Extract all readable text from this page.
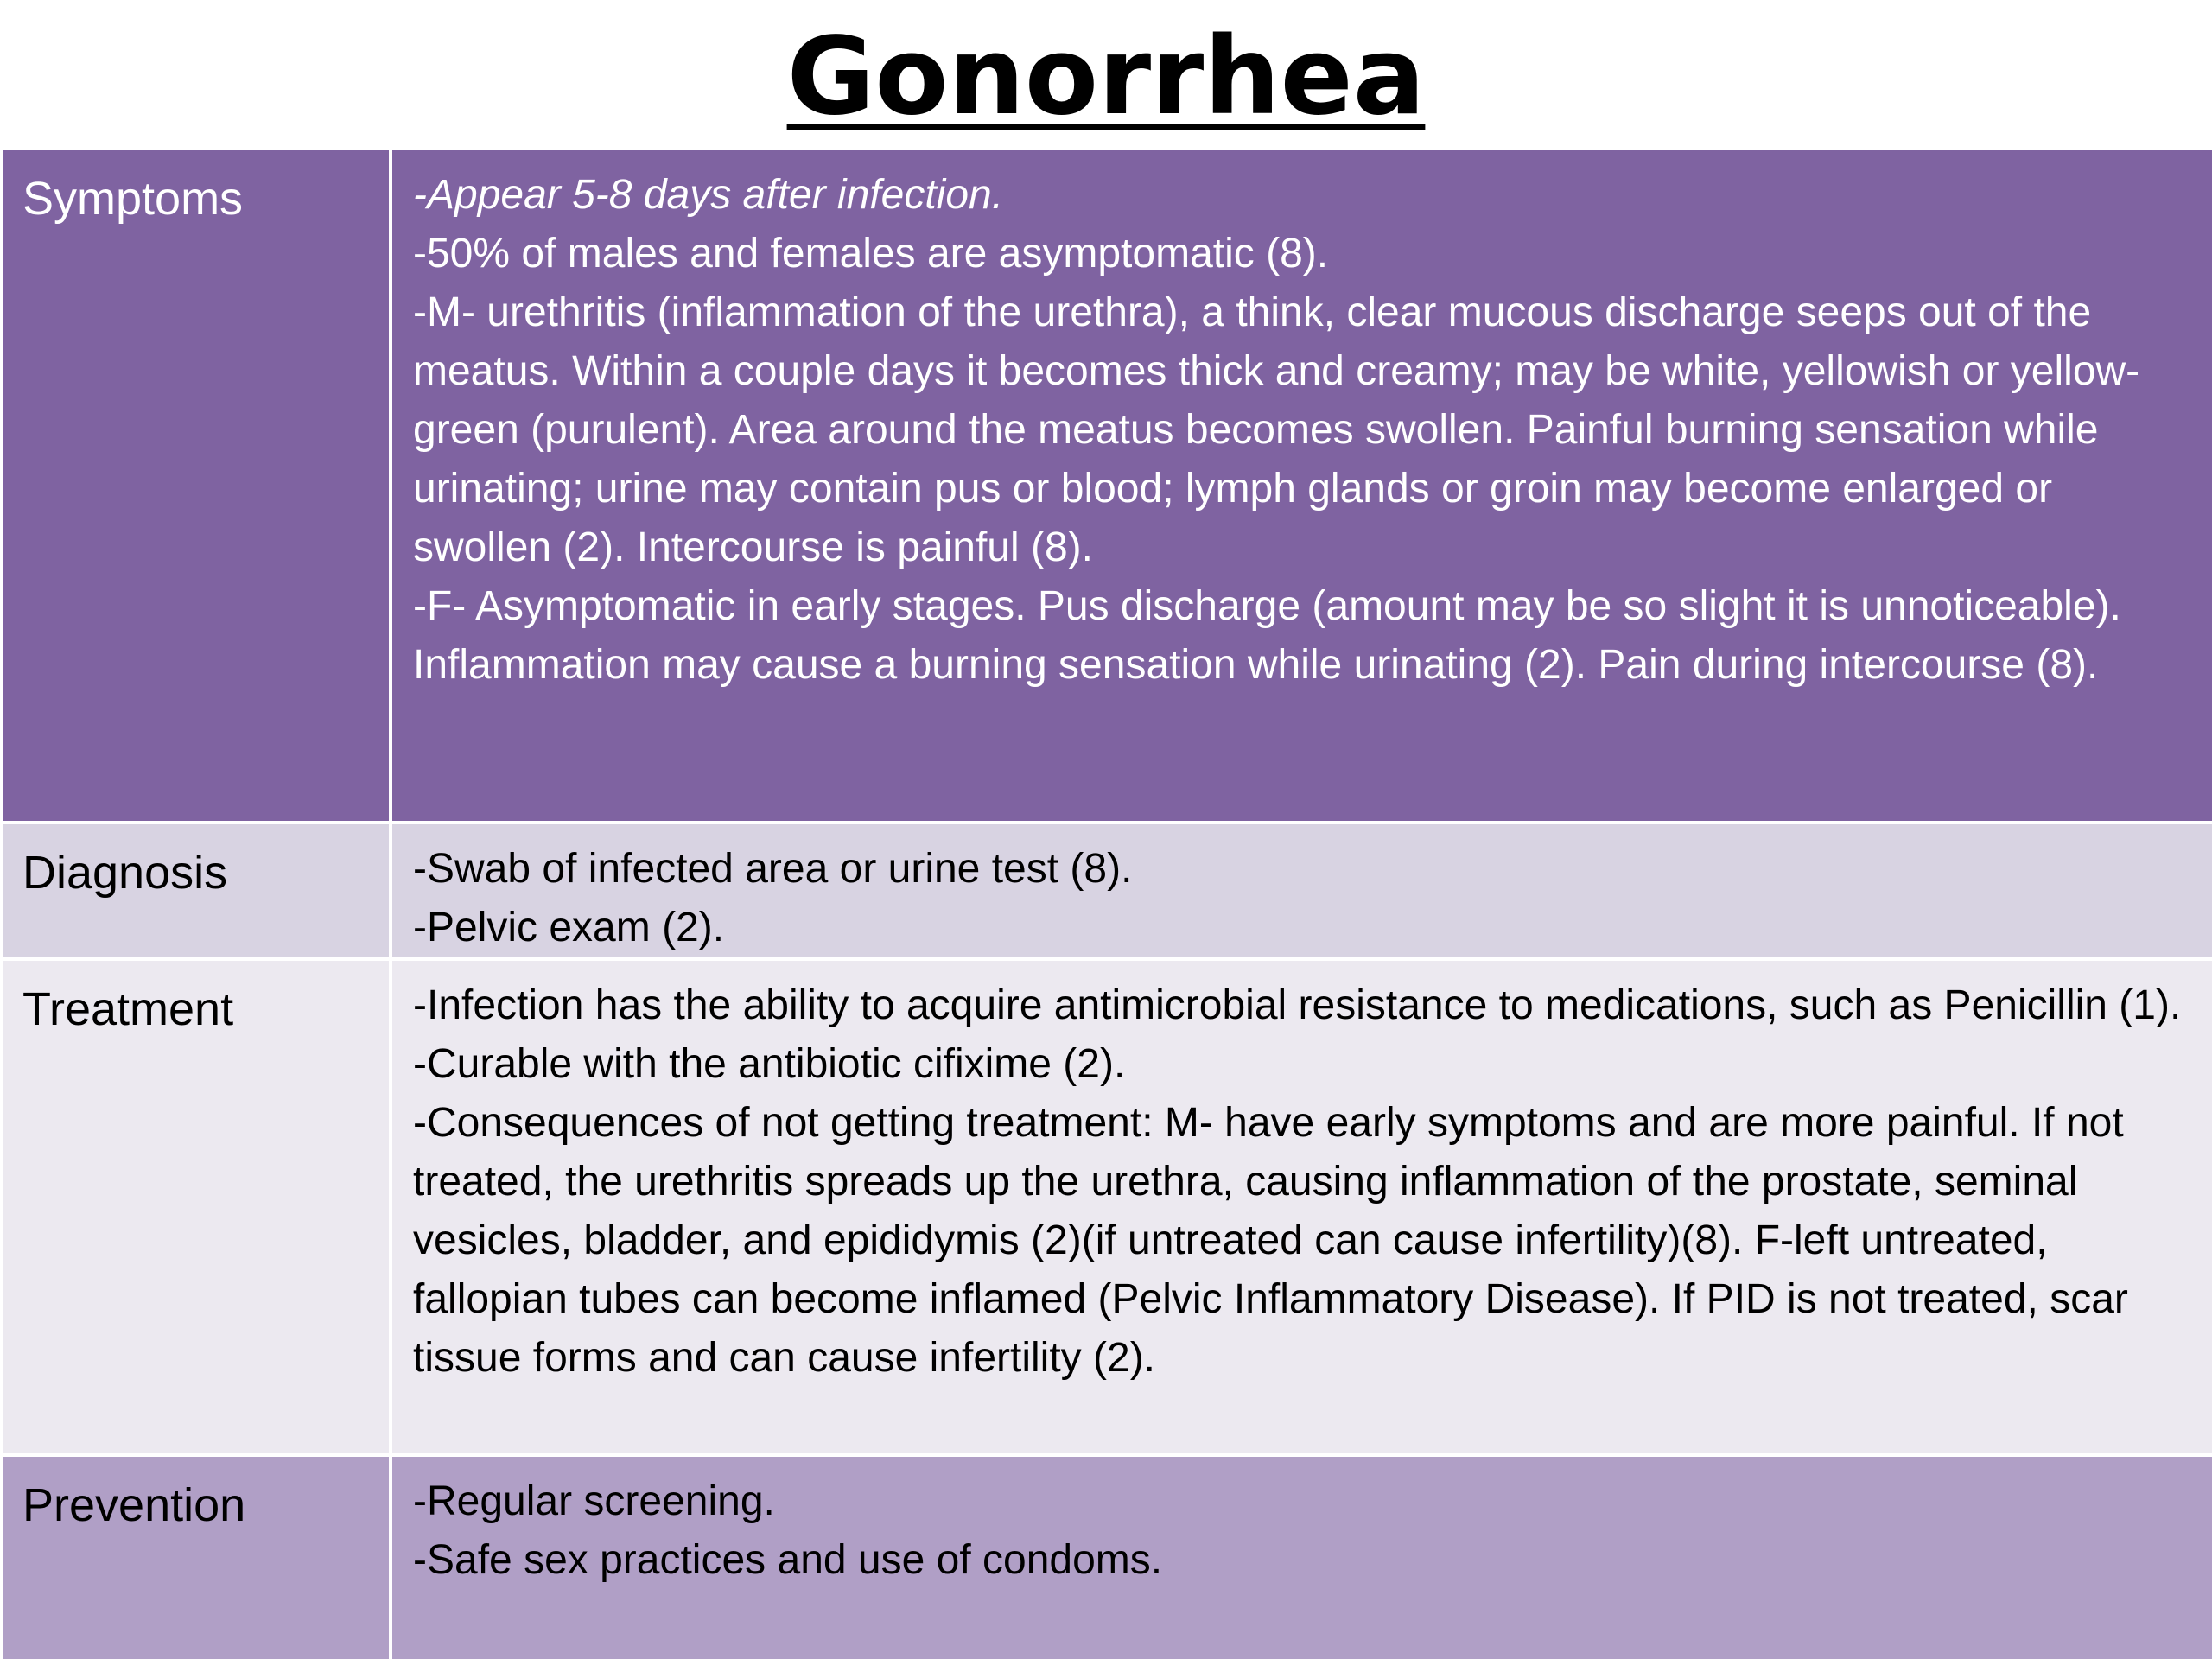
Gonorrhea
Symptoms	-Appear 5-8 days after infection.
-50% of males and females are asymptomatic (8).
-M- urethritis (inflammation of the urethra), a think, clear mucous discharge seeps out of the meatus. Within a couple days it becomes thick and creamy; may be white, yellowish or yellow-green (purulent). Area around the meatus becomes swollen. Painful burning sensation while urinating; urine may contain pus or blood; lymph glands or groin may become enlarged or swollen (2). Intercourse is painful (8).
-F- Asymptomatic in early stages. Pus discharge (amount may be so slight it is unnoticeable). Inflammation may cause a burning sensation while urinating (2). Pain during intercourse (8).

Diagnosis	-Swab of infected area or urine test (8).
-Pelvic exam (2).

Treatment	-Infection has the ability to acquire antimicrobial resistance to medications, such as Penicillin (1).
-Curable with the antibiotic cifixime (2).
-Consequences of not getting treatment: M- have early symptoms and are more painful. If not treated, the urethritis spreads up the urethra, causing inflammation of the prostate, seminal vesicles, bladder, and epididymis (2)(if untreated can cause infertility)(8). F-left untreated, fallopian tubes can become inflamed (Pelvic Inflammatory Disease). If PID is not treated, scar tissue forms and can cause infertility (2).

Prevention	-Regular screening.
-Safe sex practices and use of condoms.
